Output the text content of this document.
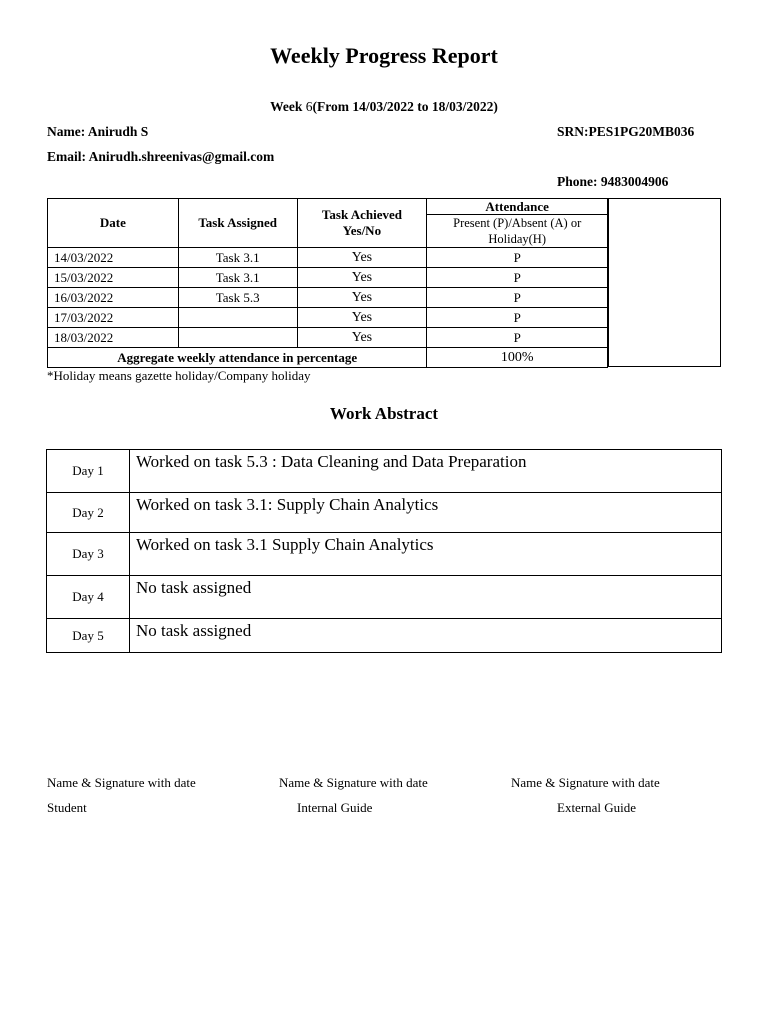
Weekly Progress Report
Week 6(From 14/03/2022 to 18/03/2022)
Name: Anirudh S	SRN:PES1PG20MB036
Email: Anirudh.shreenivas@gmail.com
Phone: 9483004906
Date	Task Assigned	Task Achieved Yes/No	Attendance
			Present (P)/Absent (A) or Holiday(H)
14/03/2022	Task 3.1	Yes	P
15/03/2022	Task 3.1	Yes	P
16/03/2022	Task 5.3	Yes	P
17/03/2022		Yes	P
18/03/2022		Yes	P
Aggregate weekly attendance in percentage			100%
*Holiday means gazette holiday/Company holiday
Work Abstract
Day 1	Worked on task 5.3 : Data Cleaning and Data Preparation
Day 2	Worked on task 3.1: Supply Chain Analytics
Day 3	Worked on task 3.1 Supply Chain Analytics
Day 4	No task assigned
Day 5	No task assigned
Name & Signature with date	Name & Signature with date	Name & Signature with date
Student	Internal Guide	External Guide
